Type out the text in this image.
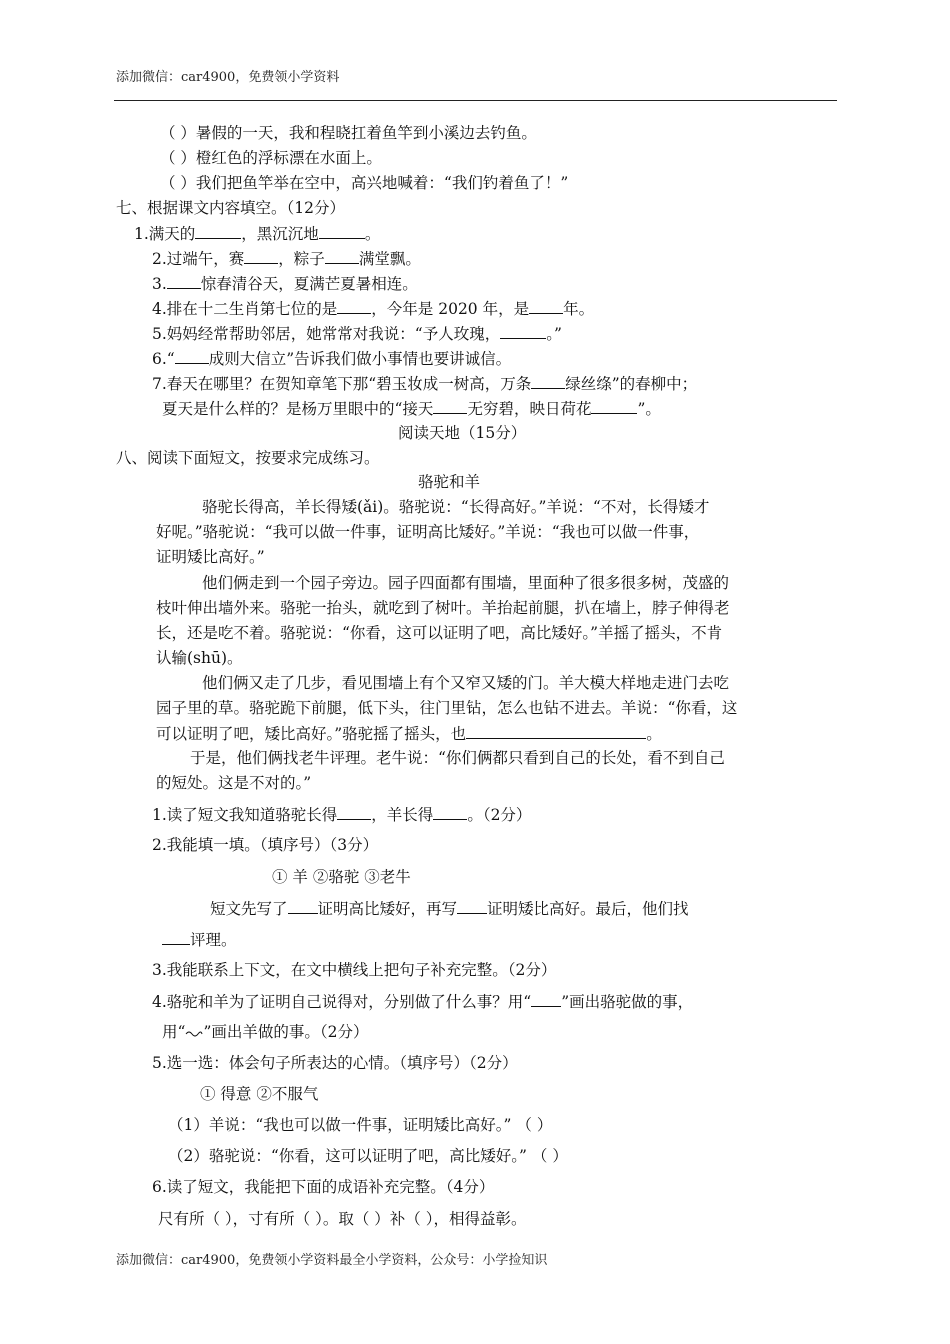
添加微信：car4900，免费领小学资料
（ ）暑假的一天，我和程晓扛着鱼竿到小溪边去钓鱼。
（ ）橙红色的浮标漂在水面上。
（ ）我们把鱼竿举在空中，高兴地喊着：“我们钓着鱼了！”
七、根据课文内容填空。（12分）
1.满天的	，黑沉沉地	。
2.过端午，赛 ，粽子 满堂飘。
3. 惊春清谷天，夏满芒夏暑相连。
4.排在十二生肖第七位的是 ，今年是 2020 年，是 年。
5.妈妈经常帮助邻居，她常常对我说：“予人玫瑰，	。”
6.“ 成则大信立”告诉我们做小事情也要讲诚信。
7.春天在哪里？在贺知章笔下那“碧玉妆成一树高，万条 绿丝绦”的春柳中；
夏天是什么样的？是杨万里眼中的“接天 无穷碧，映日荷花	”。
阅读天地（15分）
八、阅读下面短文，按要求完成练习。
骆驼和羊
骆驼长得高，羊长得矮(ǎi)。骆驼说：“长得高好。”羊说：“不对，长得矮才
好呢。”骆驼说：“我可以做一件事，证明高比矮好。”羊说：“我也可以做一件事，
证明矮比高好。”
他们俩走到一个园子旁边。园子四面都有围墙，里面种了很多很多树，茂盛的
枝叶伸出墙外来。骆驼一抬头，就吃到了树叶。羊抬起前腿，扒在墙上，脖子伸得老
长，还是吃不着。骆驼说：“你看，这可以证明了吧，高比矮好。”羊摇了摇头，不肯
认输(shū)。
他们俩又走了几步，看见围墙上有个又窄又矮的门。羊大模大样地走进门去吃
园子里的草。骆驼跪下前腿，低下头，往门里钻，怎么也钻不进去。羊说：“你看，这
可以证明了吧，矮比高好。”骆驼摇了摇头，也	。
于是，他们俩找老牛评理。老牛说：“你们俩都只看到自己的长处，看不到自己
的短处。这是不对的。”
1.读了短文我知道骆驼长得 ，羊长得 。（2分）
2.我能填一填。（填序号）（3分）
① 羊 ②骆驼 ③老牛
短文先写了 证明高比矮好，再写 证明矮比高好。最后，他们找
评理。
3.我能联系上下文，在文中横线上把句子补充完整。（2分）
4.骆驼和羊为了证明自己说得对，分别做了什么事？用“ ”画出骆驼做的事，
用“ ”画出羊做的事。（2分）
5.选一选：体会句子所表达的心情。（填序号）（2分）
① 得意 ②不服气
（1）羊说：“我也可以做一件事，证明矮比高好。” （ ）
（2）骆驼说：“你看，这可以证明了吧，高比矮好。” （ ）
6.读了短文，我能把下面的成语补充完整。（4分）
尺有所（ ），寸有所（ ）。取（ ）补（ ），相得益彰。
添加微信：car4900，免费领小学资料最全小学资料，公众号：小学捡知识
